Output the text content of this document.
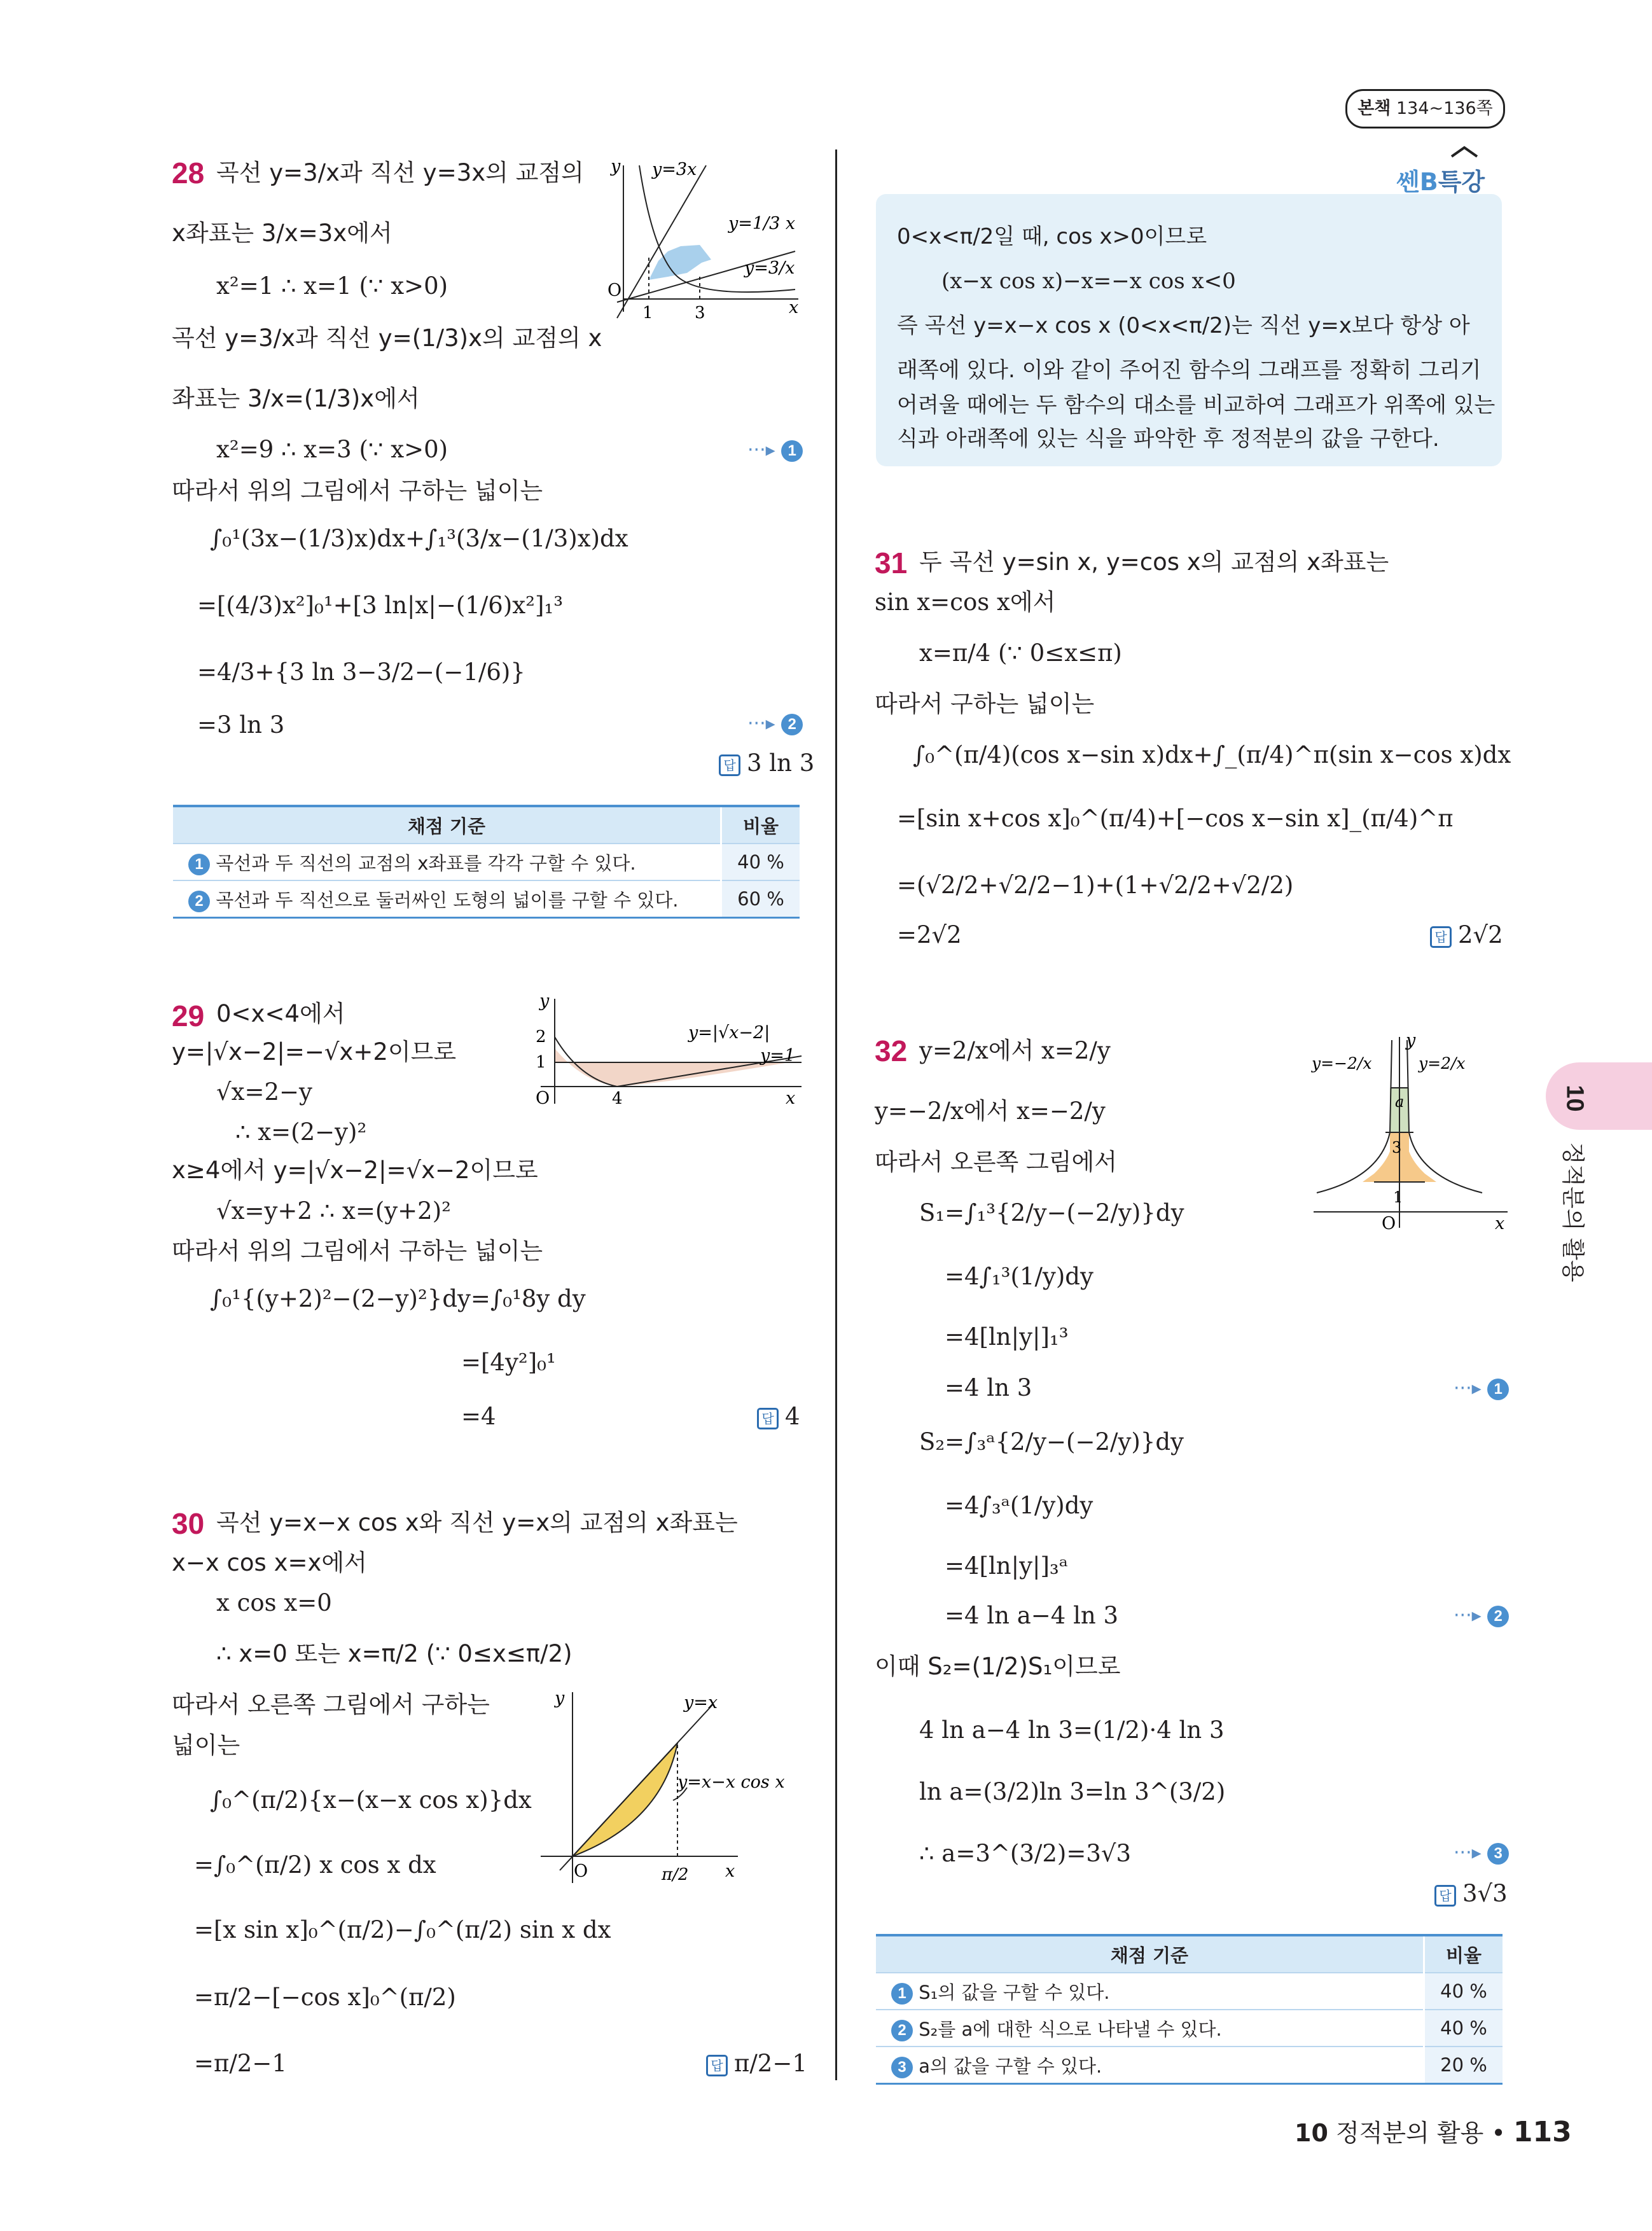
본책 134~136쪽
28 곡선 y=3/x과 직선 y=3x의 교점의
x좌표는 3/x=3x에서
x²=1 ∴ x=1 (∵ x>0)
곡선 y=3/x과 직선 y=(1/3)x의 교점의 x
좌표는 3/x=(1/3)x에서
x²=9 ∴ x=3 (∵ x>0)	···▸ 1
따라서 위의 그림에서 구하는 넓이는
∫₀¹(3x−(1/3)x)dx+∫₁³(3/x−(1/3)x)dx
=[(4/3)x²]₀¹+[3 ln|x|−(1/6)x²]₁³
=4/3+{3 ln 3−3/2−(−1/6)}
=3 ln 3	···▸ 2
답 3 ln 3
y=3x
y=1/3 x
y=3/x
1	3
O
x
y
채점 기준	비율
1 곡선과 두 직선의 교점의 x좌표를 각각 구할 수 있다.	40 %
2 곡선과 두 직선으로 둘러싸인 도형의 넓이를 구할 수 있다.	60 %
29 0<x<4에서
y=|√x−2|=−√x+2이므로
√x=2−y
∴ x=(2−y)²
x≥4에서 y=|√x−2|=√x−2이므로
√x=y+2 ∴ x=(y+2)²
따라서 위의 그림에서 구하는 넓이는
∫₀¹{(y+2)²−(2−y)²}dy=∫₀¹8y dy
=[4y²]₀¹
=4	답 4
y=|√x−2|
y=1
2
1
4
O	x
y
30 곡선 y=x−x cos x와 직선 y=x의 교점의 x좌표는
x−x cos x=x에서
x cos x=0
∴ x=0 또는 x=π/2 (∵ 0≤x≤π/2)
따라서 오른쪽 그림에서 구하는
넓이는
∫₀^(π/2){x−(x−x cos x)}dx
=∫₀^(π/2) x cos x dx
=[x sin x]₀^(π/2)−∫₀^(π/2) sin x dx
=π/2−[−cos x]₀^(π/2)
=π/2−1	답 π/2−1
y=x
y=x−x cos x
π/2
O	x
y
쎈B특강
0<x<π/2일 때, cos x>0이므로
(x−x cos x)−x=−x cos x<0
즉 곡선 y=x−x cos x (0<x<π/2)는 직선 y=x보다 항상 아
래쪽에 있다. 이와 같이 주어진 함수의 그래프를 정확히 그리기
어려울 때에는 두 함수의 대소를 비교하여 그래프가 위쪽에 있는
식과 아래쪽에 있는 식을 파악한 후 정적분의 값을 구한다.
31 두 곡선 y=sin x, y=cos x의 교점의 x좌표는
sin x=cos x에서
x=π/4 (∵ 0≤x≤π)
따라서 구하는 넓이는
∫₀^(π/4)(cos x−sin x)dx+∫_(π/4)^π(sin x−cos x)dx
=[sin x+cos x]₀^(π/4)+[−cos x−sin x]_(π/4)^π
=(√2/2+√2/2−1)+(1+√2/2+√2/2)
=2√2	답 2√2
32 y=2/x에서 x=2/y
y=−2/x에서 x=−2/y
따라서 오른쪽 그림에서
S₁=∫₁³{2/y−(−2/y)}dy
=4∫₁³(1/y)dy
=4[ln|y|]₁³
=4 ln 3	···▸ 1
S₂=∫₃ᵃ{2/y−(−2/y)}dy
=4∫₃ᵃ(1/y)dy
=4[ln|y|]₃ᵃ
=4 ln a−4 ln 3	···▸ 2
이때 S₂=(1/2)S₁이므로
4 ln a−4 ln 3=(1/2)·4 ln 3
ln a=(3/2)ln 3=ln 3^(3/2)
∴ a=3^(3/2)=3√3	···▸ 3
답 3√3
y=−2/x	y=2/x
a
3
1
O	x
y
채점 기준	비율
1 S₁의 값을 구할 수 있다.	40 %
2 S₂를 a에 대한 식으로 나타낼 수 있다.	40 %
3 a의 값을 구할 수 있다.	20 %
10
정적분의 활용
10 정적분의 활용 • 113
